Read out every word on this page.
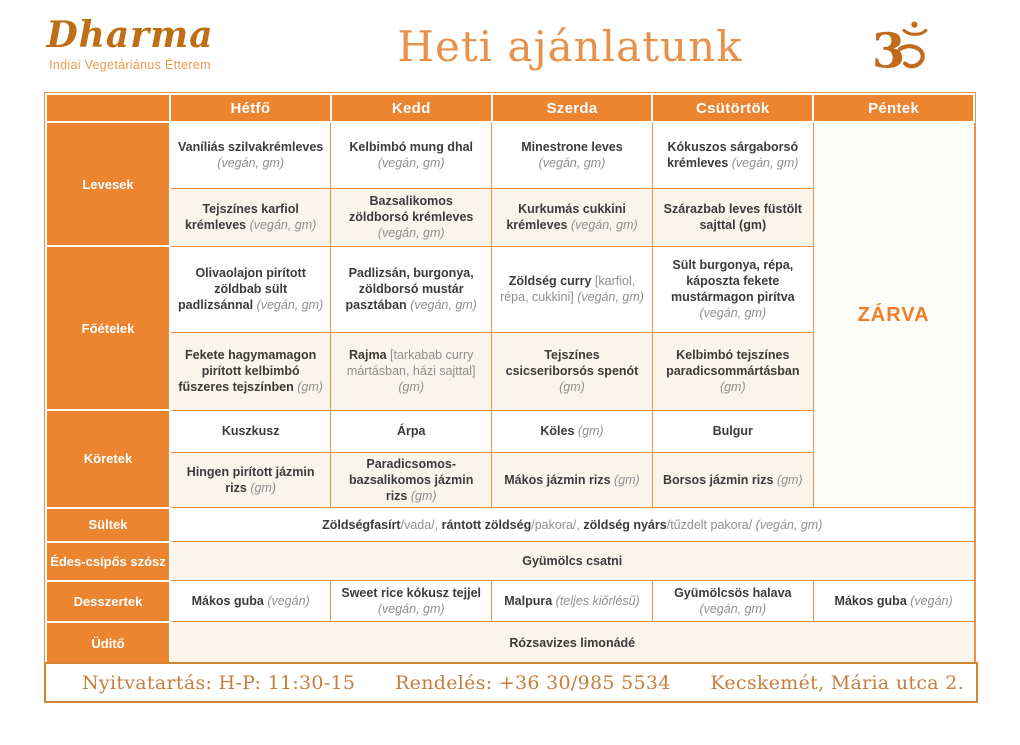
Dharma
Indiai Vegetáriánus Étterem	Heti ajánlatunk	3
	Hétfő	Kedd	Szerda	Csütörtök	Péntek
Levesek	Vaníliás szilvakrémleves (vegán, gm)	Kelbimbó mung dhal (vegán, gm)	Minestrone leves (vegán, gm)	Kókuszos sárgaborsó krémleves (vegán, gm)	ZÁRVA
	Tejszínes karfiol krémleves (vegán, gm)	Bazsalikomos zöldborsó krémleves (vegán, gm)	Kurkumás cukkini krémleves (vegán, gm)	Szárazbab leves füstölt sajttal (gm)	
Főételek	Olivaolajon pirított zöldbab sült padlizsánnal (vegán, gm)	Padlizsán, burgonya, zöldborsó mustár pasztában (vegán, gm)	Zöldség curry [karfiol, répa, cukkini] (vegán, gm)	Sült burgonya, répa, káposzta fekete mustármagon pirítva (vegán, gm)	
	Fekete hagymamagon pirított kelbimbó fűszeres tejszínben (gm)	Rajma [tarkabab curry mártásban, házi sajttal] (gm)	Tejszínes csicseriborsós spenót (gm)	Kelbimbó tejszínes paradicsommártásban (gm)	
Köretek	Kuszkusz	Árpa	Köles (gm)	Bulgur	
	Hingen pirított jázmin rizs (gm)	Paradicsomos-bazsalikomos jázmin rizs (gm)	Mákos jázmin rizs (gm)	Borsos jázmin rizs (gm)	
Sültek	Zöldségfasírt/vada/, rántott zöldség/pakora/, zöldség nyárs/tűzdelt pakora/ (vegán, gm)				
Édes-csípős szósz	Gyümölcs csatni				
Desszertek	Mákos guba (vegán)	Sweet rice kókusz tejjel (vegán, gm)	Malpura (teljes kiőrlésű)	Gyümölcsös halava (vegán, gm)	Mákos guba (vegán)
Üditő	Rózsavizes limonádé				
Nyitvatartás: H-P: 11:30-15 Rendelés: +36 30/985 5534 Kecskemét, Mária utca 2.
